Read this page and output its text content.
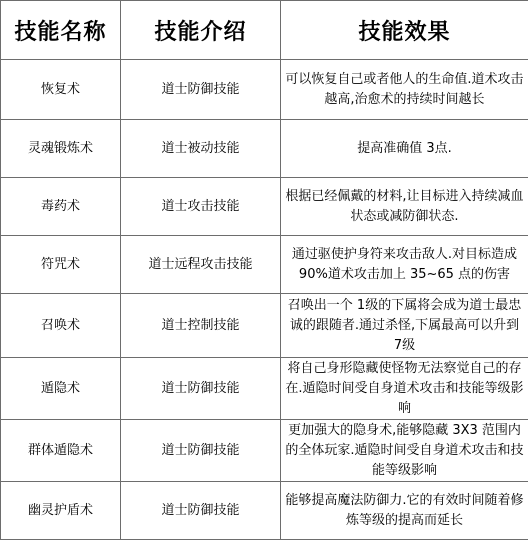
技能名称	技能介绍	技能效果
恢复术	道士防御技能	可以恢复自己或者他人的生命值.道术攻击越高,治愈术的持续时间越长
灵魂锻炼术	道士被动技能	提高准确值 3点.
毒药术	道士攻击技能	根据已经佩戴的材料,让目标进入持续减血状态或减防御状态.
符咒术	道士远程攻击技能	通过驱使护身符来攻击敌人.对目标造成 90%道术攻击加上 35~65 点的伤害
召唤术	道士控制技能	召唤出一个 1级的下属将会成为道士最忠诚的跟随者.通过杀怪,下属最高可以升到 7级
遁隐术	道士防御技能	将自己身形隐藏使怪物无法察觉自己的存在.遁隐时间受自身道术攻击和技能等级影响
群体遁隐术	道士防御技能	更加强大的隐身术,能够隐藏 3X3 范围内的全体玩家.遁隐时间受自身道术攻击和技能等级影响
幽灵护盾术	道士防御技能	能够提高魔法防御力.它的有效时间随着修炼等级的提高而延长
